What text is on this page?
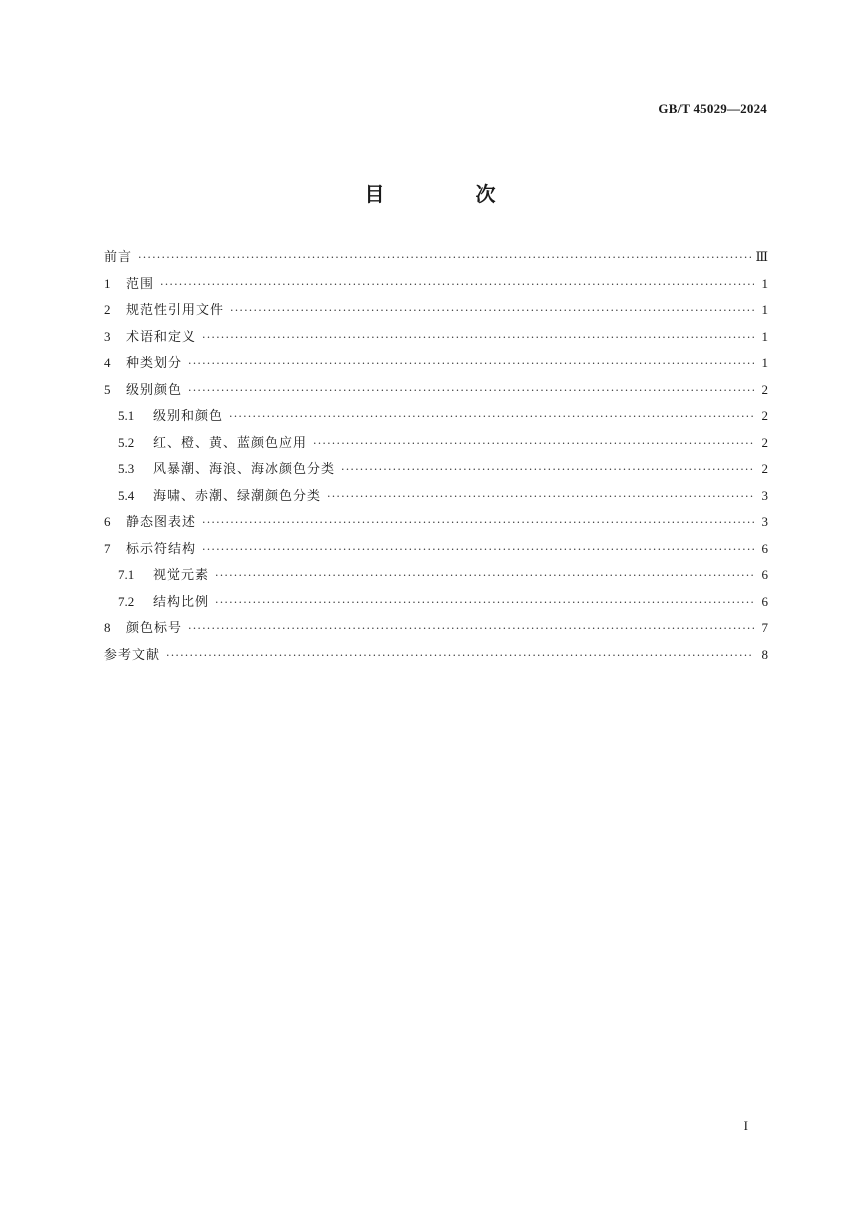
GB/T 45029—2024
目 次
前言 ·····	Ⅲ
1	范围 ·····	1
2	规范性引用文件 ·····	1
3	术语和定义 ·····	1
4	种类划分 ·····	1
5	级别颜色 ·····	2
5.1	级别和颜色 ·····	2
5.2	红、橙、黄、蓝颜色应用 ·····	2
5.3	风暴潮、海浪、海冰颜色分类 ·····	2
5.4	海啸、赤潮、绿潮颜色分类 ·····	3
6	静态图表述 ·····	3
7	标示符结构 ·····	6
7.1	视觉元素 ·····	6
7.2	结构比例 ·····	6
8	颜色标号 ·····	7
参考文献 ·····	8
I
